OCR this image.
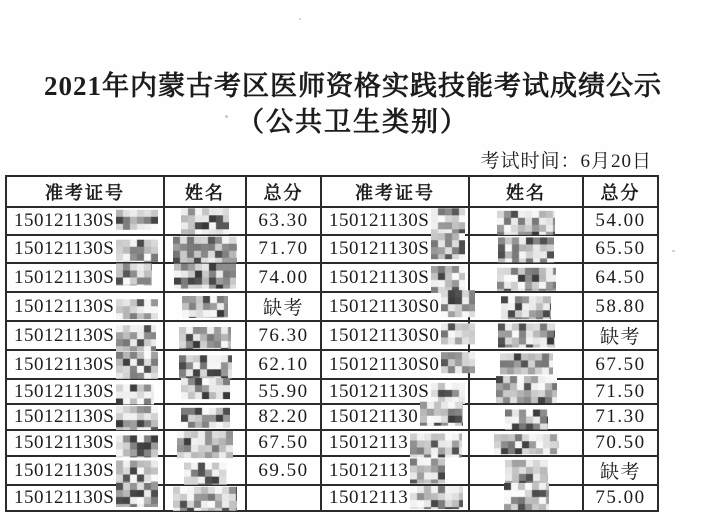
2021年内蒙古考区医师资格实践技能考试成绩公示
（公共卫生类别）
考试时间：6月20日
准考证号	姓名	总分	准考证号	姓名	总分

150121130S		63.30	150121130S		54.00

150121130S		71.70	150121130S		65.50

150121130S		74.00	150121130S		64.50

150121130S		缺考	150121130S0		58.80

150121130S		76.30	150121130S0		缺考

150121130S		62.10	150121130S0		67.50

150121130S		55.90	150121130S		71.50

150121130S		82.20	150121130		71.30

150121130S		67.50	15012113		70.50

150121130S		69.50	15012113		缺考

150121130S			15012113		75.00
